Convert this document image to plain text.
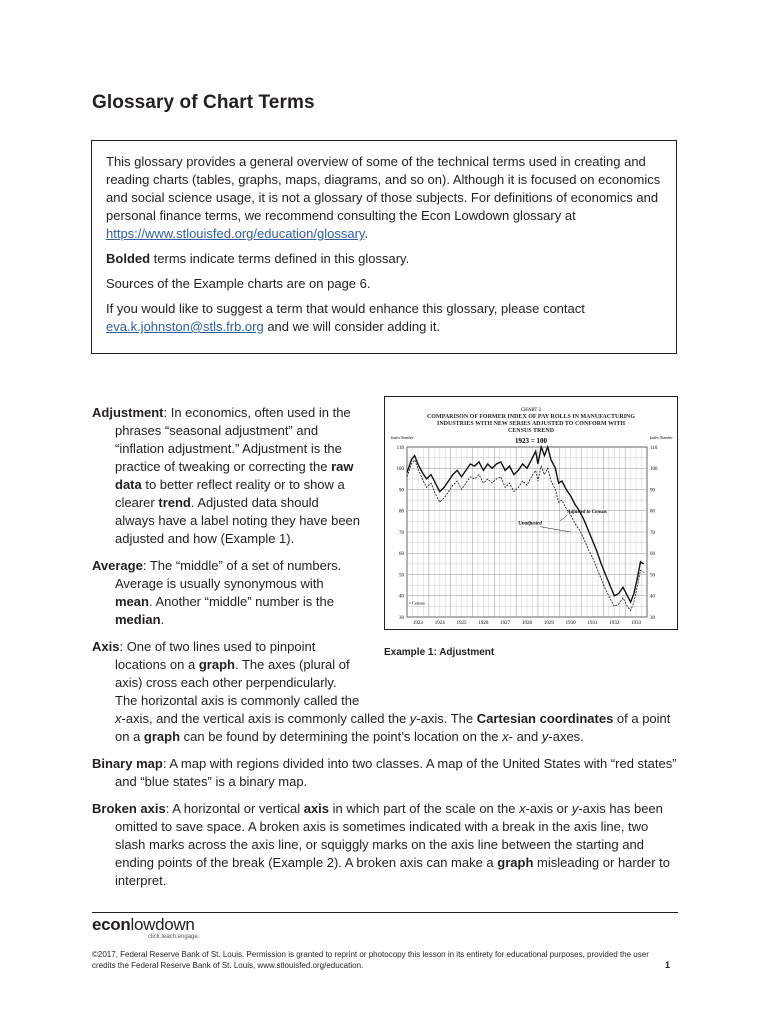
Glossary of Chart Terms

This glossary provides a general overview of some of the technical terms used in creating and reading charts (tables, graphs, maps, diagrams, and so on). Although it is focused on economics and social science usage, it is not a glossary of those subjects. For definitions of economics and personal finance terms, we recommend consulting the Econ Lowdown glossary at https://www.stlouisfed.org/education/glossary.

Bolded terms indicate terms defined in this glossary.

Sources of the Example charts are on page 6.

If you would like to suggest a term that would enhance this glossary, please contact eva.k.johnston@stls.frb.org and we will consider adding it.

Adjustment: In economics, often used in the phrases “seasonal adjustment” and “inflation adjustment.” Adjustment is the practice of tweaking or correcting the raw data to better reflect reality or to show a clearer trend. Adjusted data should always have a label noting they have been adjusted and how (Example 1).
Average: The “middle” of a set of numbers. Average is usually synonymous with mean. Another “middle” number is the median.
Axis: One of two lines used to pinpoint locations on a graph. The axes (plural of axis) cross each other perpendicularly. The horizontal axis is commonly called the x-axis, and the vertical axis is commonly called the y-axis. The Cartesian coordinates of a point on a graph can be found by determining the point’s location on the x- and y-axes.
Binary map: A map with regions divided into two classes. A map of the United States with “red states” and “blue states” is a binary map.
Broken axis: A horizontal or vertical axis in which part of the scale on the x-axis or y-axis has been omitted to save space. A broken axis is sometimes indicated with a break in the axis line, two slash marks across the axis line, or squiggly marks on the axis line between the starting and ending points of the break (Example 2). A broken axis can make a graph misleading or harder to interpret.
CHART 2
COMPARISON OF FORMER INDEX OF PAY ROLLS IN MANUFACTURING INDUSTRIES WITH NEW SERIES ADJUSTED TO CONFORM WITH CENSUS TREND
1923 = 100
Index Number	Index Number
110	110
100	100
90	90
80	80
70	70
60	60
50	50
40	40
30	30
1923 1924 1925 1926 1927 1928 1929 1930 1931 1932 1933
Adjusted to Census
Unadjusted
• Census
Example 1: Adjustment
econlowdown
click.teach.engage.
©2017, Federal Reserve Bank of St. Louis. Permission is granted to reprint or photocopy this lesson in its entirety for educational purposes, provided the user credits the Federal Reserve Bank of St. Louis, www.stlouisfed.org/education.	1
